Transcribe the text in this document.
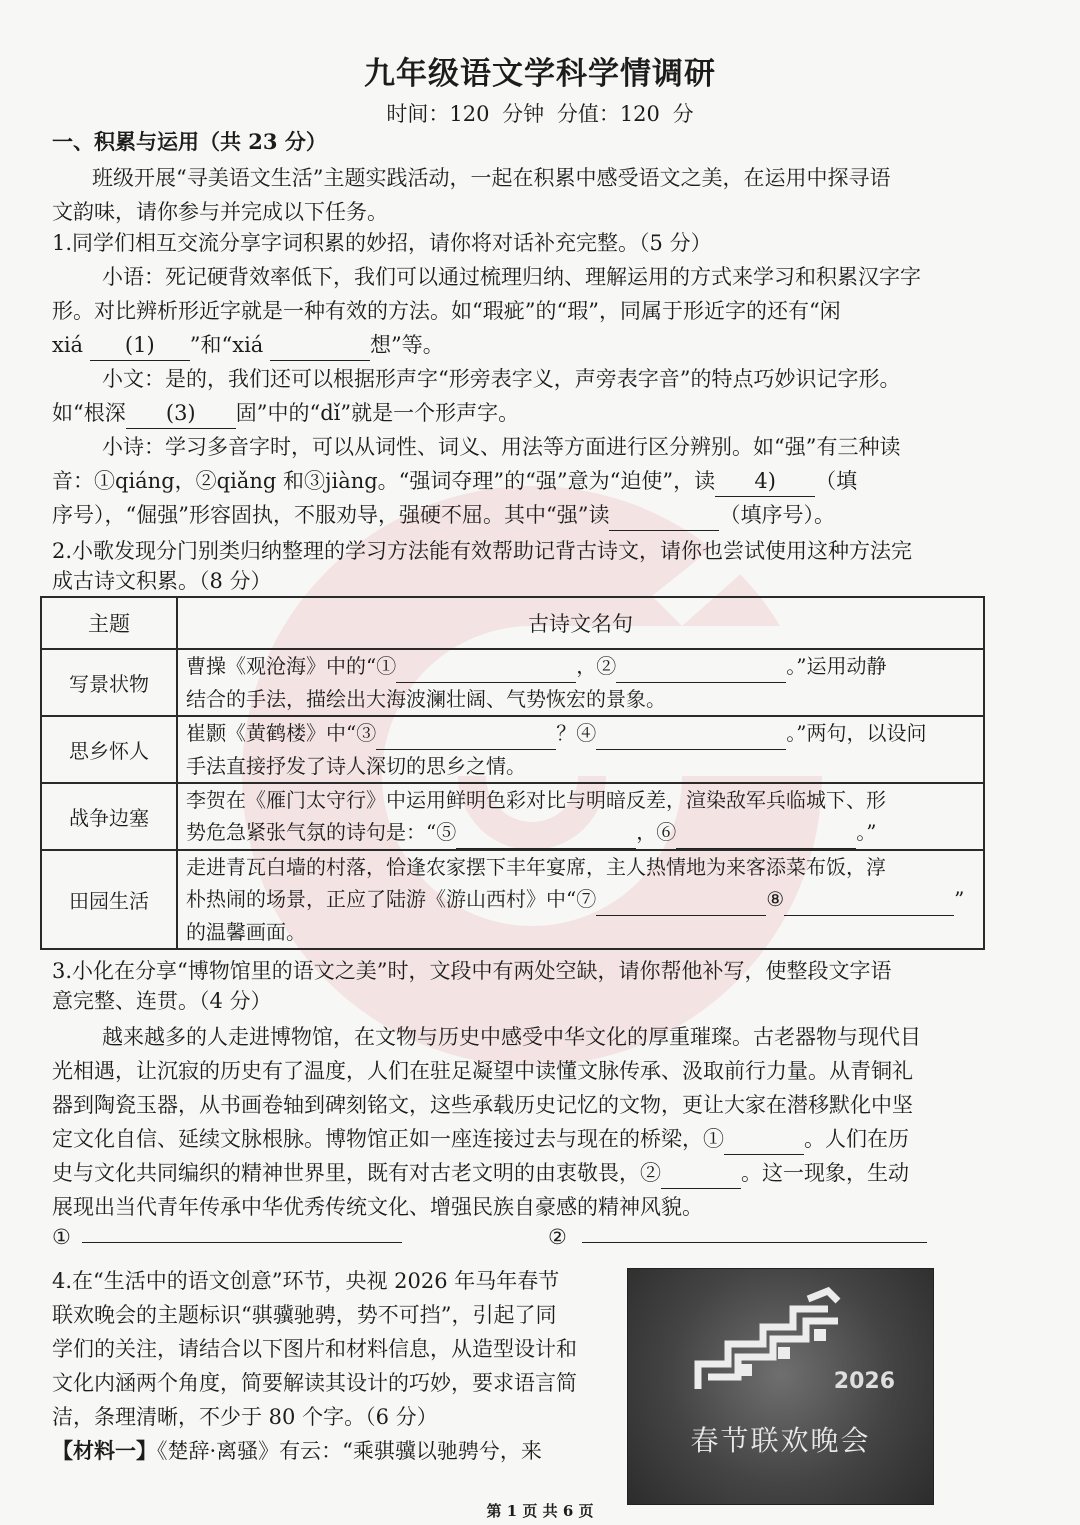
九年级语文学科学情调研
时间：120 分钟 分值：120 分
一、积累与运用（共 23 分）
班级开展“寻美语文生活”主题实践活动，一起在积累中感受语文之美，在运用中探寻语
文韵味，请你参与并完成以下任务。
1.同学们相互交流分享字词积累的妙招，请你将对话补充完整。（5 分）
小语：死记硬背效率低下，我们可以通过梳理归纳、理解运用的方式来学习和积累汉字字
形。对比辨析形近字就是一种有效的方法。如“瑕疵”的“瑕”，同属于形近字的还有“闲
xiá (1) ”和“xiá	想”等。
小文：是的，我们还可以根据形声字“形旁表字义，声旁表字音”的特点巧妙识记字形。
如“根深 (3) 固”中的“dǐ”就是一个形声字。
小诗：学习多音字时，可以从词性、词义、用法等方面进行区分辨别。如“强”有三种读
音：①qiáng，②qiǎng 和③jiàng。“强词夺理”的“强”意为“迫使”，读 4) （填
序号），“倔强”形容固执，不服劝导，强硬不屈。其中“强”读	（填序号）。
2.小歌发现分门别类归纳整理的学习方法能有效帮助记背古诗文，请你也尝试使用这种方法完
成古诗文积累。（8 分）
主题	古诗文名句
写景状物	曹操《观沧海》中的“① ，② 。”运用动静
结合的手法，描绘出大海波澜壮阔、气势恢宏的景象。

思乡怀人	崔颢《黄鹤楼》中“③ ？④ 。”两句，以设问
手法直接抒发了诗人深切的思乡之情。

战争边塞	李贺在《雁门太守行》中运用鲜明色彩对比与明暗反差，渲染敌军兵临城下、形
势危急紧张气氛的诗句是：“⑤ ，⑥ 。”

田园生活	走进青瓦白墙的村落，恰逢农家摆下丰年宴席，主人热情地为来客添菜布饭，淳
朴热闹的场景，正应了陆游《游山西村》中“⑦ ⑧ ”
的温馨画面。
3.小化在分享“博物馆里的语文之美”时，文段中有两处空缺，请你帮他补写，使整段文字语
意完整、连贯。（4 分）
越来越多的人走进博物馆，在文物与历史中感受中华文化的厚重璀璨。古老器物与现代目
光相遇，让沉寂的历史有了温度，人们在驻足凝望中读懂文脉传承、汲取前行力量。从青铜礼
器到陶瓷玉器，从书画卷轴到碑刻铭文，这些承载历史记忆的文物，更让大家在潜移默化中坚
定文化自信、延续文脉根脉。博物馆正如一座连接过去与现在的桥梁，①	。人们在历
史与文化共同编织的精神世界里，既有对古老文明的由衷敬畏，②	。这一现象，生动
展现出当代青年传承中华优秀传统文化、增强民族自豪感的精神风貌。
①	②
4.在“生活中的语文创意”环节，央视 2026 年马年春节
联欢晚会的主题标识“骐骥驰骋，势不可挡”，引起了同
学们的关注，请结合以下图片和材料信息，从造型设计和
文化内涵两个角度，简要解读其设计的巧妙，要求语言简
洁，条理清晰，不少于 80 个字。（6 分）
【材料一】《楚辞·离骚》有云：“乘骐骥以驰骋兮，来
2026
春节联欢晚会
第 1 页 共 6 页
